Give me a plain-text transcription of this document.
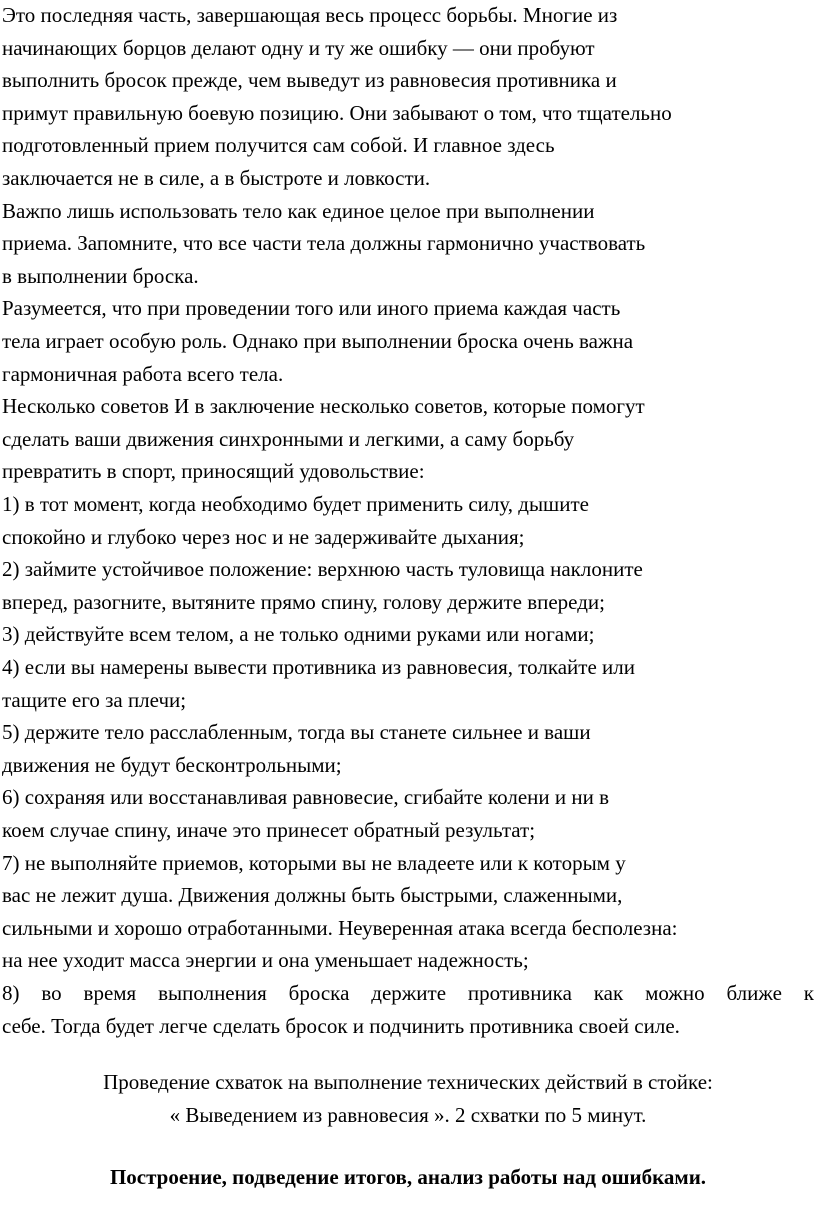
Это последняя часть, завершающая весь процесс борьбы. Многие из
начинающих борцов делают одну и ту же ошибку — они пробуют
выполнить бросок прежде, чем выведут из равновесия противника и
примут правильную боевую позицию. Они забывают о том, что тщательно
подготовленный прием получится сам собой. И главное здесь
заключается не в силе, а в быстроте и ловкости.
Важпо лишь использовать тело как единое целое при выполнении
приема. Запомните, что все части тела должны гармонично участвовать
в выполнении броска.
Разумеется, что при проведении того или иного приема каждая часть
тела играет особую роль. Однако при выполнении броска очень важна
гармоничная работа всего тела.
Несколько советов И в заключение несколько советов, которые помогут
сделать ваши движения синхронными и легкими, а саму борьбу
превратить в спорт, приносящий удовольствие:
1) в тот момент, когда необходимо будет применить силу, дышите
спокойно и глубоко через нос и не задерживайте дыхания;
2) займите устойчивое положение: верхнюю часть туловища наклоните
вперед, разогните, вытяните прямо спину, голову держите впереди;
3) действуйте всем телом, а не только одними руками или ногами;
4) если вы намерены вывести противника из равновесия, толкайте или
тащите его за плечи;
5) держите тело расслабленным, тогда вы станете сильнее и ваши
движения не будут бесконтрольными;
6) сохраняя или восстанавливая равновесие, сгибайте колени и ни в
коем случае спину, иначе это принесет обратный результат;
7) не выполняйте приемов, которыми вы не владеете или к которым у
вас не лежит душа. Движения должны быть быстрыми, слаженными,
сильными и хорошо отработанными. Неуверенная атака всегда бесполезна:
на нее уходит масса энергии и она уменьшает надежность;
8) во время выполнения броска держите противника как можно ближе к
себе. Тогда будет легче сделать бросок и подчинить противника своей силе.
Проведение схваток на выполнение технических действий в стойке:
« Выведением из равновесия ». 2 схватки по 5 минут.
Построение, подведение итогов, анализ работы над ошибками.
